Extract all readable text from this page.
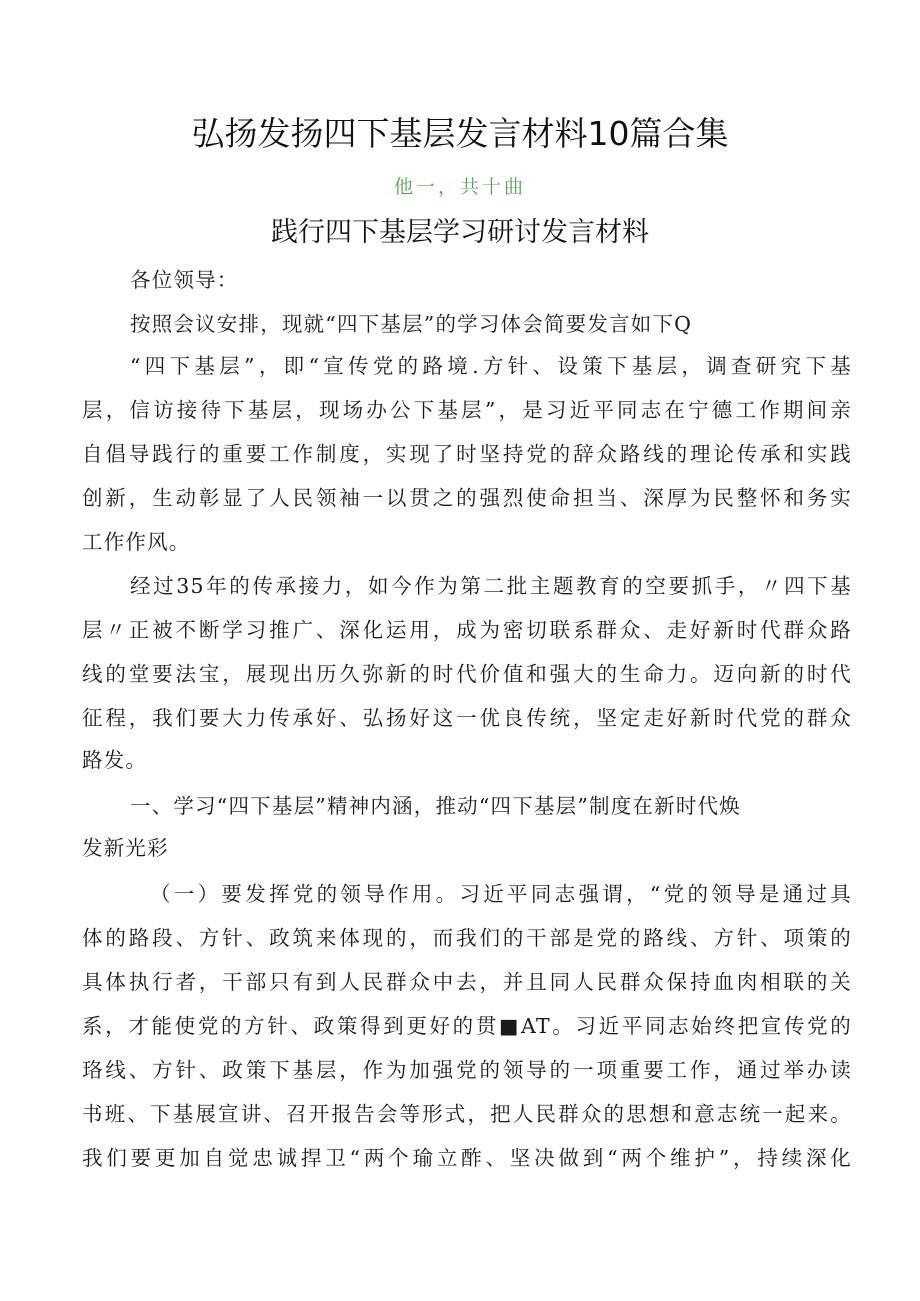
弘扬发扬四下基层发言材料10篇合集
他一，共十曲
践行四下基层学习研讨发言材料
各位领导：
按照会议安排，现就“四下基层”的学习体会简要发言如下Q
“四下基层”，即“宣传党的路境.方针、设策下基层，调查研究下基
层，信访接待下基层，现场办公下基层”，是习近平同志在宁德工作期间亲
自倡导践行的重要工作制度，实现了时坚持党的辞众路线的理论传承和实践
创新，生动彰显了人民领袖一以贯之的强烈使命担当、深厚为民整怀和务实
工作作风。
经过35年的传承接力，如今作为第二批主题教育的空要抓手，〃四下基
层〃正被不断学习推广、深化运用，成为密切联系群众、走好新时代群众路
线的堂要法宝，展现出历久弥新的时代价值和强大的生命力。迈向新的时代
征程，我们要大力传承好、弘扬好这一优良传统，坚定走好新时代党的群众
路发。
一、学习“四下基层”精神内涵，推动“四下基层”制度在新时代焕
发新光彩
（一）要发挥党的领导作用。习近平同志强谓，“党的领导是通过具
体的路段、方针、政筑来体现的，而我们的干部是党的路线、方针、项策的
具体执行者，干部只有到人民群众中去，并且同人民群众保持血肉相联的关
系，才能使党的方针、政策得到更好的贯■AT。习近平同志始终把宣传党的
珞线、方针、政策下基层，作为加强党的领导的一项重要工作，通过举办读
书班、下基展宣讲、召开报告会等形式，把人民群众的思想和意志统一起来。
我们要更加自觉忠诚捍卫“两个瑜立酢、坚决做到“两个维护”，持续深化
